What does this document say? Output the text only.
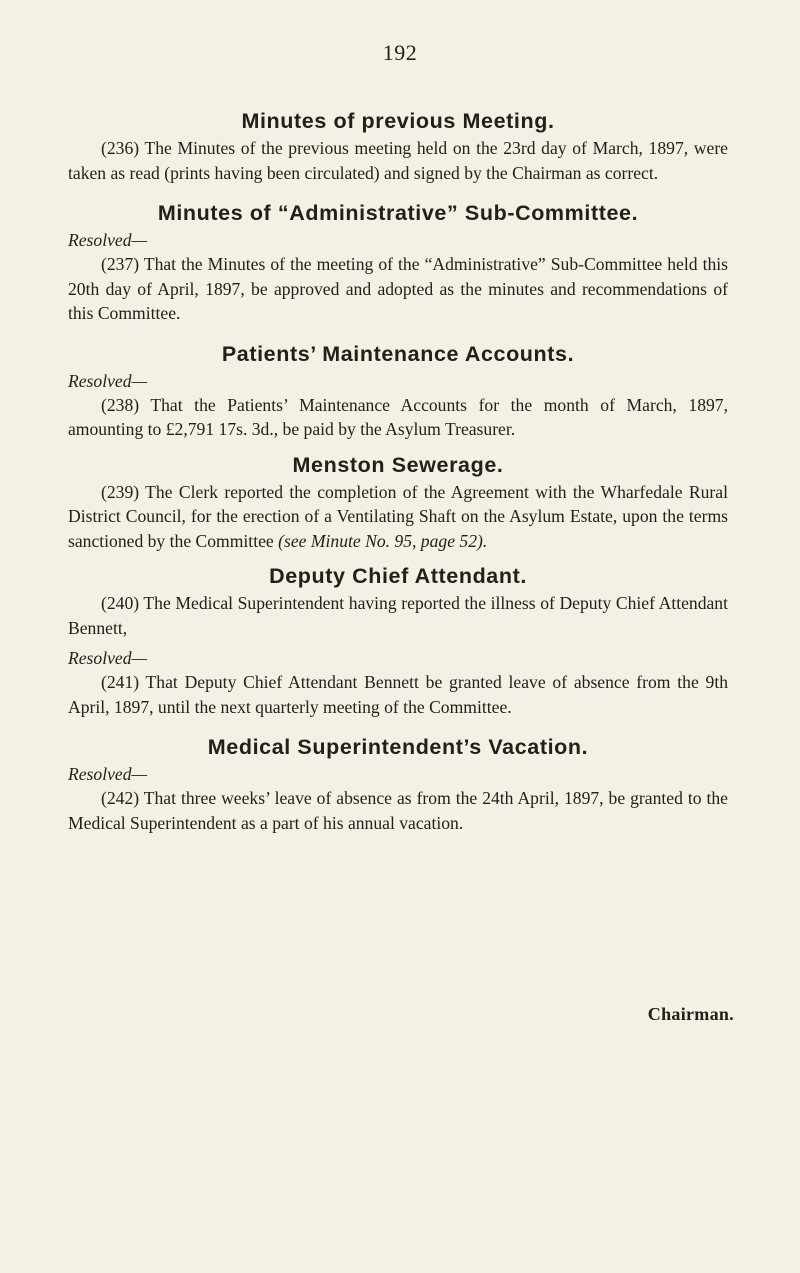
192
Minutes of previous Meeting.

(236) The Minutes of the previous meeting held on the 23rd day of March, 1897, were taken as read (prints having been circulated) and signed by the Chairman as correct.

Minutes of “Administrative” Sub-Committee.
Resolved—

(237) That the Minutes of the meeting of the “Administrative” Sub-Committee held this 20th day of April, 1897, be approved and adopted as the minutes and recommendations of this Committee.

Patients’ Maintenance Accounts.
Resolved—

(238) That the Patients’ Maintenance Accounts for the month of March, 1897, amounting to £2,791 17s. 3d., be paid by the Asylum Treasurer.

Menston Sewerage.

(239) The Clerk reported the completion of the Agreement with the Wharfedale Rural District Council, for the erection of a Ventilating Shaft on the Asylum Estate, upon the terms sanctioned by the Committee (see Minute No. 95, page 52).

Deputy Chief Attendant.

(240) The Medical Superintendent having reported the illness of Deputy Chief Attendant Bennett,

Resolved—

(241) That Deputy Chief Attendant Bennett be granted leave of absence from the 9th April, 1897, until the next quarterly meeting of the Committee.

Medical Superintendent’s Vacation.
Resolved—

(242) That three weeks’ leave of absence as from the 24th April, 1897, be granted to the Medical Superintendent as a part of his annual vacation.

Chairman.
